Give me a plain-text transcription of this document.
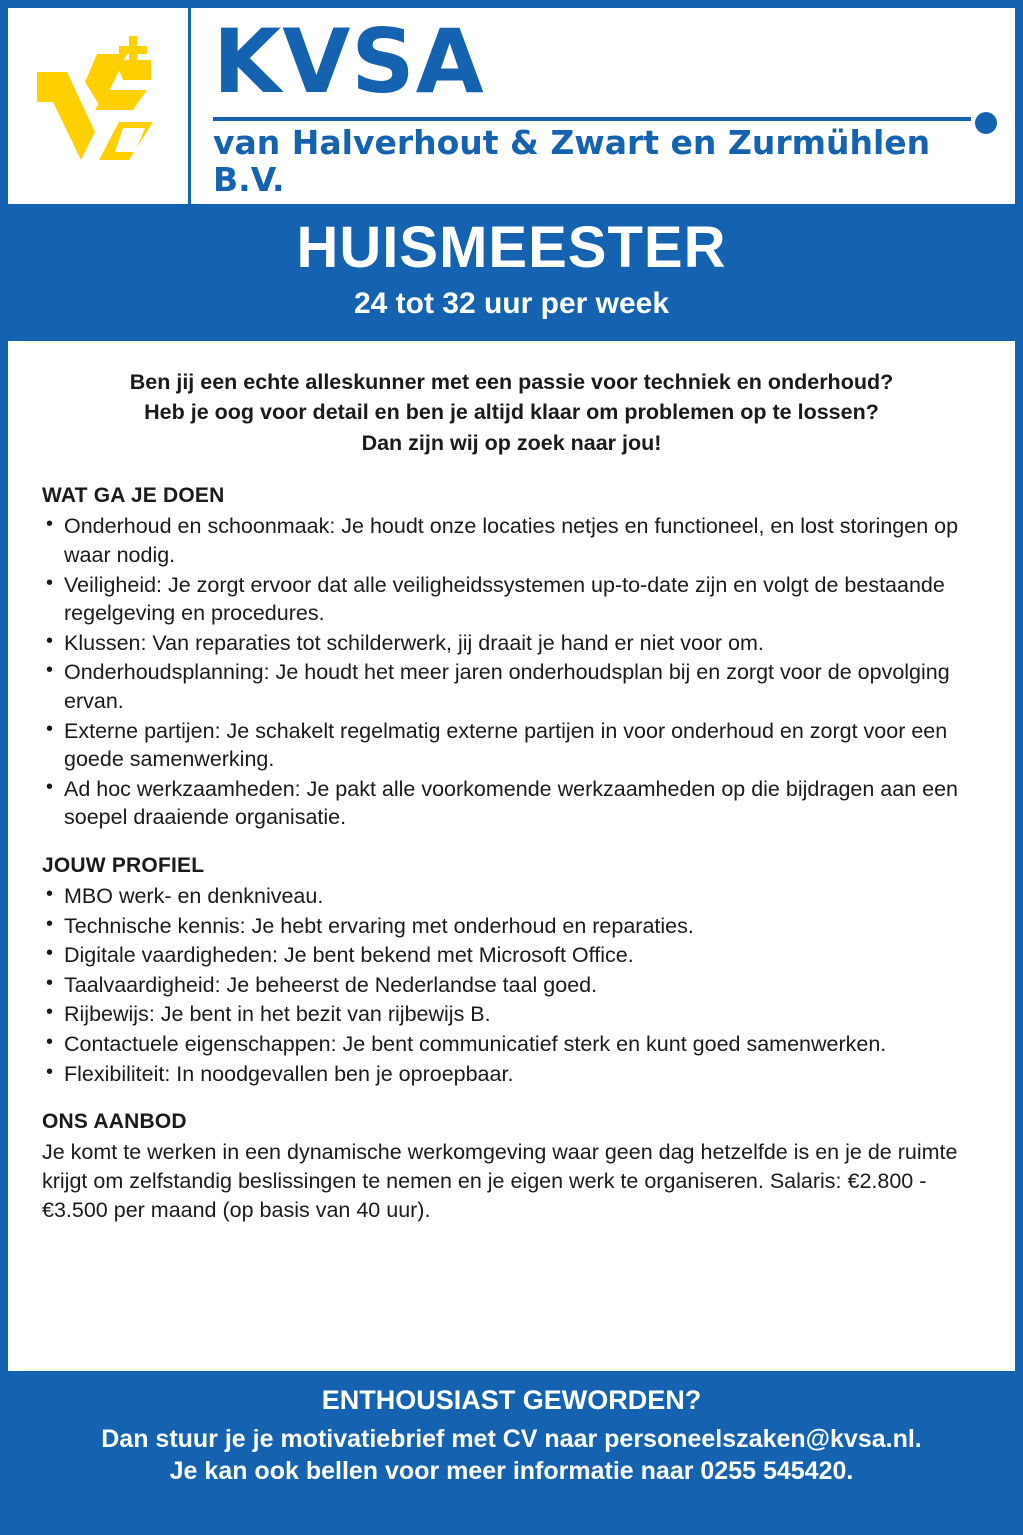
KVSA
van Halverhout & Zwart en Zurmühlen B.V.
HUISMEESTER
24 tot 32 uur per week
Ben jij een echte alleskunner met een passie voor techniek en onderhoud?
Heb je oog voor detail en ben je altijd klaar om problemen op te lossen?
Dan zijn wij op zoek naar jou!
WAT GA JE DOEN
• Onderhoud en schoonmaak: Je houdt onze locaties netjes en functioneel, en lost storingen op waar nodig.
• Veiligheid: Je zorgt ervoor dat alle veiligheidssystemen up-to-date zijn en volgt de bestaande regelgeving en procedures.
• Klussen: Van reparaties tot schilderwerk, jij draait je hand er niet voor om.
• Onderhoudsplanning: Je houdt het meer jaren onderhoudsplan bij en zorgt voor de opvolging ervan.
• Externe partijen: Je schakelt regelmatig externe partijen in voor onderhoud en zorgt voor een goede samenwerking.
• Ad hoc werkzaamheden: Je pakt alle voorkomende werkzaamheden op die bijdragen aan een soepel draaiende organisatie.
JOUW PROFIEL
• MBO werk- en denkniveau.
• Technische kennis: Je hebt ervaring met onderhoud en reparaties.
• Digitale vaardigheden: Je bent bekend met Microsoft Office.
• Taalvaardigheid: Je beheerst de Nederlandse taal goed.
• Rijbewijs: Je bent in het bezit van rijbewijs B.
• Contactuele eigenschappen: Je bent communicatief sterk en kunt goed samenwerken.
• Flexibiliteit: In noodgevallen ben je oproepbaar.
ONS AANBOD

Je komt te werken in een dynamische werkomgeving waar geen dag hetzelfde is en je de ruimte krijgt om zelfstandig beslissingen te nemen en je eigen werk te organiseren. Salaris: €2.800 - €3.500 per maand (op basis van 40 uur).

ENTHOUSIAST GEWORDEN?
Dan stuur je je motivatiebrief met CV naar personeelszaken@kvsa.nl.
Je kan ook bellen voor meer informatie naar 0255 545420.
